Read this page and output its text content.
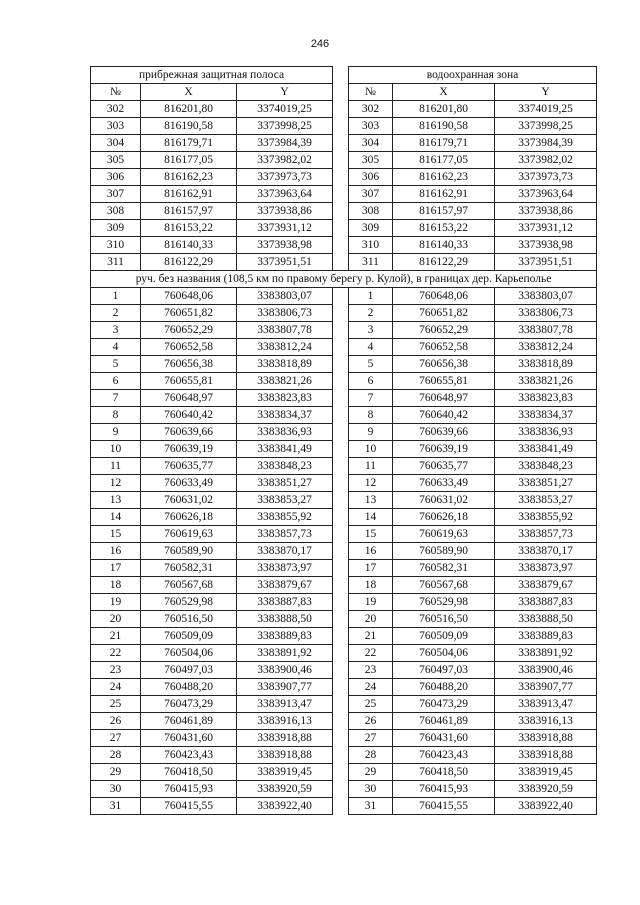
246
прибрежная защитная полоса				водоохранная зона		
№	X	Y		№	X	Y
302	816201,80	3374019,25		302	816201,80	3374019,25
303	816190,58	3373998,25		303	816190,58	3373998,25
304	816179,71	3373984,39		304	816179,71	3373984,39
305	816177,05	3373982,02		305	816177,05	3373982,02
306	816162,23	3373973,73		306	816162,23	3373973,73
307	816162,91	3373963,64		307	816162,91	3373963,64
308	816157,97	3373938,86		308	816157,97	3373938,86
309	816153,22	3373931,12		309	816153,22	3373931,12
310	816140,33	3373938,98		310	816140,33	3373938,98
311	816122,29	3373951,51		311	816122,29	3373951,51
руч. без названия (108,5 км по правому берегу р. Кулой), в границах дер. Карьеполье						
1	760648,06	3383803,07		1	760648,06	3383803,07
2	760651,82	3383806,73		2	760651,82	3383806,73
3	760652,29	3383807,78		3	760652,29	3383807,78
4	760652,58	3383812,24		4	760652,58	3383812,24
5	760656,38	3383818,89		5	760656,38	3383818,89
6	760655,81	3383821,26		6	760655,81	3383821,26
7	760648,97	3383823,83		7	760648,97	3383823,83
8	760640,42	3383834,37		8	760640,42	3383834,37
9	760639,66	3383836,93		9	760639,66	3383836,93
10	760639,19	3383841,49		10	760639,19	3383841,49
11	760635,77	3383848,23		11	760635,77	3383848,23
12	760633,49	3383851,27		12	760633,49	3383851,27
13	760631,02	3383853,27		13	760631,02	3383853,27
14	760626,18	3383855,92		14	760626,18	3383855,92
15	760619,63	3383857,73		15	760619,63	3383857,73
16	760589,90	3383870,17		16	760589,90	3383870,17
17	760582,31	3383873,97		17	760582,31	3383873,97
18	760567,68	3383879,67		18	760567,68	3383879,67
19	760529,98	3383887,83		19	760529,98	3383887,83
20	760516,50	3383888,50		20	760516,50	3383888,50
21	760509,09	3383889,83		21	760509,09	3383889,83
22	760504,06	3383891,92		22	760504,06	3383891,92
23	760497,03	3383900,46		23	760497,03	3383900,46
24	760488,20	3383907,77		24	760488,20	3383907,77
25	760473,29	3383913,47		25	760473,29	3383913,47
26	760461,89	3383916,13		26	760461,89	3383916,13
27	760431,60	3383918,88		27	760431,60	3383918,88
28	760423,43	3383918,88		28	760423,43	3383918,88
29	760418,50	3383919,45		29	760418,50	3383919,45
30	760415,93	3383920,59		30	760415,93	3383920,59
31	760415,55	3383922,40		31	760415,55	3383922,40
